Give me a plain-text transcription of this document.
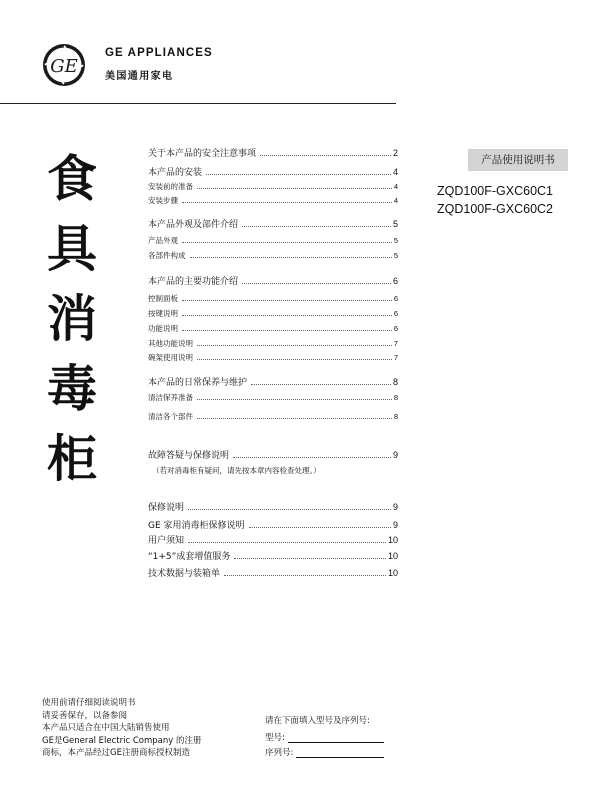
GE
GE APPLIANCES
美国通用家电
食
具
消
毒
柜
关于本产品的安全注意事项	2
本产品的安装	4
安装前的准备	4
安装步骤	4
本产品外观及部件介绍	5
产品外观	5
各部件构成	5
本产品的主要功能介绍	6
控制面板	6
按键说明	6
功能说明	6
其他功能说明	7
碗架使用说明	7
本产品的日常保养与维护	8
清洁保养准备	8
清洁各个部件	8
故障答疑与保修说明	9
（若对消毒柜有疑问，请先按本章内容检查处理。）
保修说明	9
GE 家用消毒柜保修说明	9
用户须知	10
“1+5”成套增值服务	10
技术数据与装箱单	10
产品使用说明书
ZQD100F-GXC60C1
ZQD100F-GXC60C2
使用前请仔细阅读说明书
请妥善保存，以备参阅
本产品只适合在中国大陆销售使用
GE是General Electric Company 的注册
商标，本产品经过GE注册商标授权制造
请在下面填入型号及序列号:
型号:
序列号:
